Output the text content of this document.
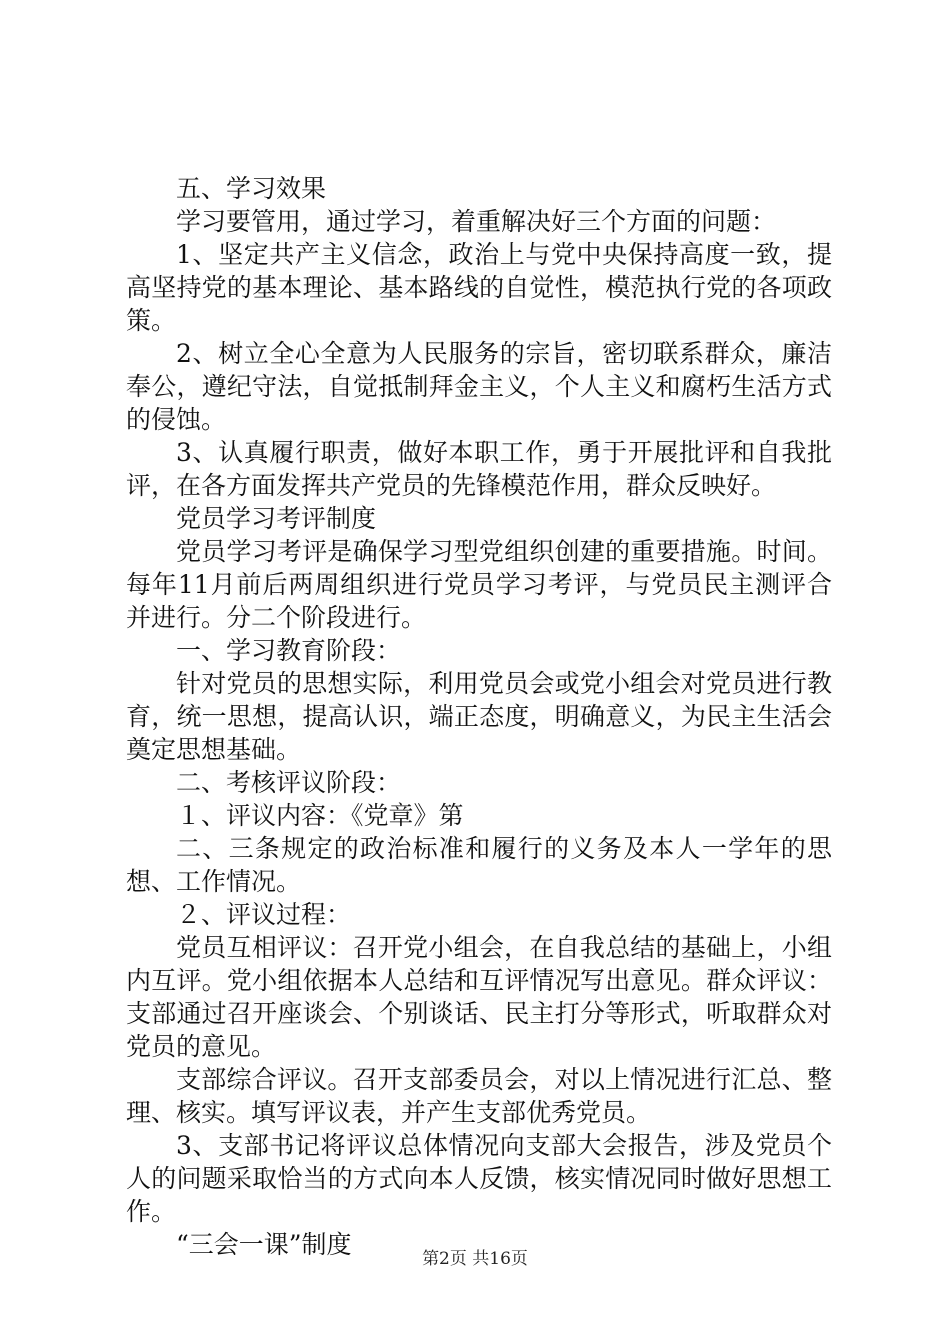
五、学习效果

学习要管用，通过学习，着重解决好三个方面的问题：

1、坚定共产主义信念，政治上与党中央保持高度一致，提高坚持党的基本理论、基本路线的自觉性，模范执行党的各项政策。

2、树立全心全意为人民服务的宗旨，密切联系群众，廉洁奉公，遵纪守法，自觉抵制拜金主义，个人主义和腐朽生活方式的侵蚀。

3、认真履行职责，做好本职工作，勇于开展批评和自我批评，在各方面发挥共产党员的先锋模范作用，群众反映好。

党员学习考评制度

党员学习考评是确保学习型党组织创建的重要措施。时间。每年11月前后两周组织进行党员学习考评，与党员民主测评合并进行。分二个阶段进行。

一、学习教育阶段：

针对党员的思想实际，利用党员会或党小组会对党员进行教育，统一思想，提高认识，端正态度，明确意义，为民主生活会奠定思想基础。

二、考核评议阶段：

１、评议内容：《党章》第

二、三条规定的政治标准和履行的义务及本人一学年的思想、工作情况。

２、评议过程：

党员互相评议：召开党小组会，在自我总结的基础上，小组内互评。党小组依据本人总结和互评情况写出意见。群众评议：支部通过召开座谈会、个别谈话、民主打分等形式，听取群众对党员的意见。

支部综合评议。召开支部委员会，对以上情况进行汇总、整理、核实。填写评议表，并产生支部优秀党员。

3、支部书记将评议总体情况向支部大会报告，涉及党员个人的问题采取恰当的方式向本人反馈，核实情况同时做好思想工作。

“三会一课”制度	第2页 共16页
